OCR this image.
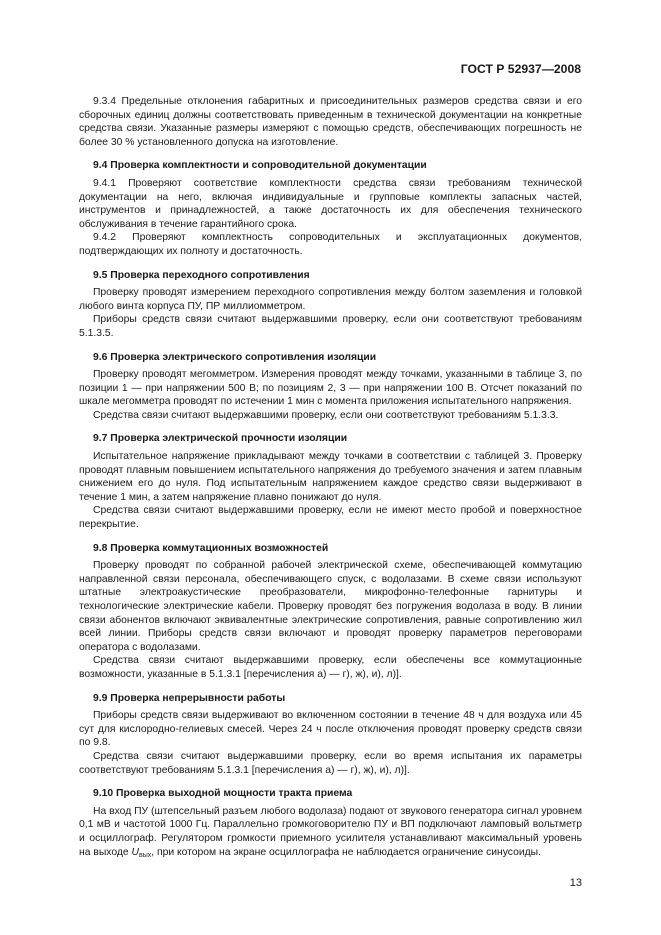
ГОСТ Р 52937—2008

9.3.4 Предельные отклонения габаритных и присоединительных размеров средства связи и его сборочных единиц должны соответствовать приведенным в технической документации на конкретные средства связи. Указанные размеры измеряют с помощью средств, обеспечивающих погрешность не более 30 % установленного допуска на изготовление.

9.4 Проверка комплектности и сопроводительной документации

9.4.1 Проверяют соответствие комплектности средства связи требованиям технической документации на него, включая индивидуальные и групповые комплекты запасных частей, инструментов и принадлежностей, а также достаточность их для обеспечения технического обслуживания в течение гарантийного срока.

9.4.2 Проверяют комплектность сопроводительных и эксплуатационных документов, подтверждающих их полноту и достаточность.

9.5 Проверка переходного сопротивления

Проверку проводят измерением переходного сопротивления между болтом заземления и головкой любого винта корпуса ПУ, ПР миллиомметром.

Приборы средств связи считают выдержавшими проверку, если они соответствуют требованиям 5.1.3.5.

9.6 Проверка электрического сопротивления изоляции

Проверку проводят мегомметром. Измерения проводят между точками, указанными в таблице 3, по позиции 1 — при напряжении 500 В; по позициям 2, 3 — при напряжении 100 В. Отсчет показаний по шкале мегомметра проводят по истечении 1 мин с момента приложения испытательного напряжения.

Средства связи считают выдержавшими проверку, если они соответствуют требованиям 5.1.3.3.

9.7 Проверка электрической прочности изоляции

Испытательное напряжение прикладывают между точками в соответствии с таблицей 3. Проверку проводят плавным повышением испытательного напряжения до требуемого значения и затем плавным снижением его до нуля. Под испытательным напряжением каждое средство связи выдерживают в течение 1 мин, а затем напряжение плавно понижают до нуля.

Средства связи считают выдержавшими проверку, если не имеют место пробой и поверхностное перекрытие.

9.8 Проверка коммутационных возможностей

Проверку проводят по собранной рабочей электрической схеме, обеспечивающей коммутацию направленной связи персонала, обеспечивающего спуск, с водолазами. В схеме связи используют штатные электроакустические преобразователи, микрофонно-телефонные гарнитуры и технологические электрические кабели. Проверку проводят без погружения водолаза в воду. В линии связи абонентов включают эквивалентные электрические сопротивления, равные сопротивлению жил всей линии. Приборы средств связи включают и проводят проверку параметров переговорами оператора с водолазами.

Средства связи считают выдержавшими проверку, если обеспечены все коммутационные возможности, указанные в 5.1.3.1 [перечисления а) — г), ж), и), л)].

9.9 Проверка непрерывности работы

Приборы средств связи выдерживают во включенном состоянии в течение 48 ч для воздуха или 45 сут для кислородно-гелиевых смесей. Через 24 ч после отключения проводят проверку средств связи по 9.8.

Средства связи считают выдержавшими проверку, если во время испытания их параметры соответствуют требованиям 5.1.3.1 [перечисления а) — г), ж), и), л)].

9.10 Проверка выходной мощности тракта приема

На вход ПУ (штепсельный разъем любого водолаза) подают от звукового генератора сигнал уровнем 0,1 мВ и частотой 1000 Гц. Параллельно громкоговорителю ПУ и ВП подключают ламповый вольтметр и осциллограф. Регулятором громкости приемного усилителя устанавливают максимальный уровень на выходе $U_{вых}$, при котором на экране осциллографа не наблюдается ограничение синусоиды.

13
